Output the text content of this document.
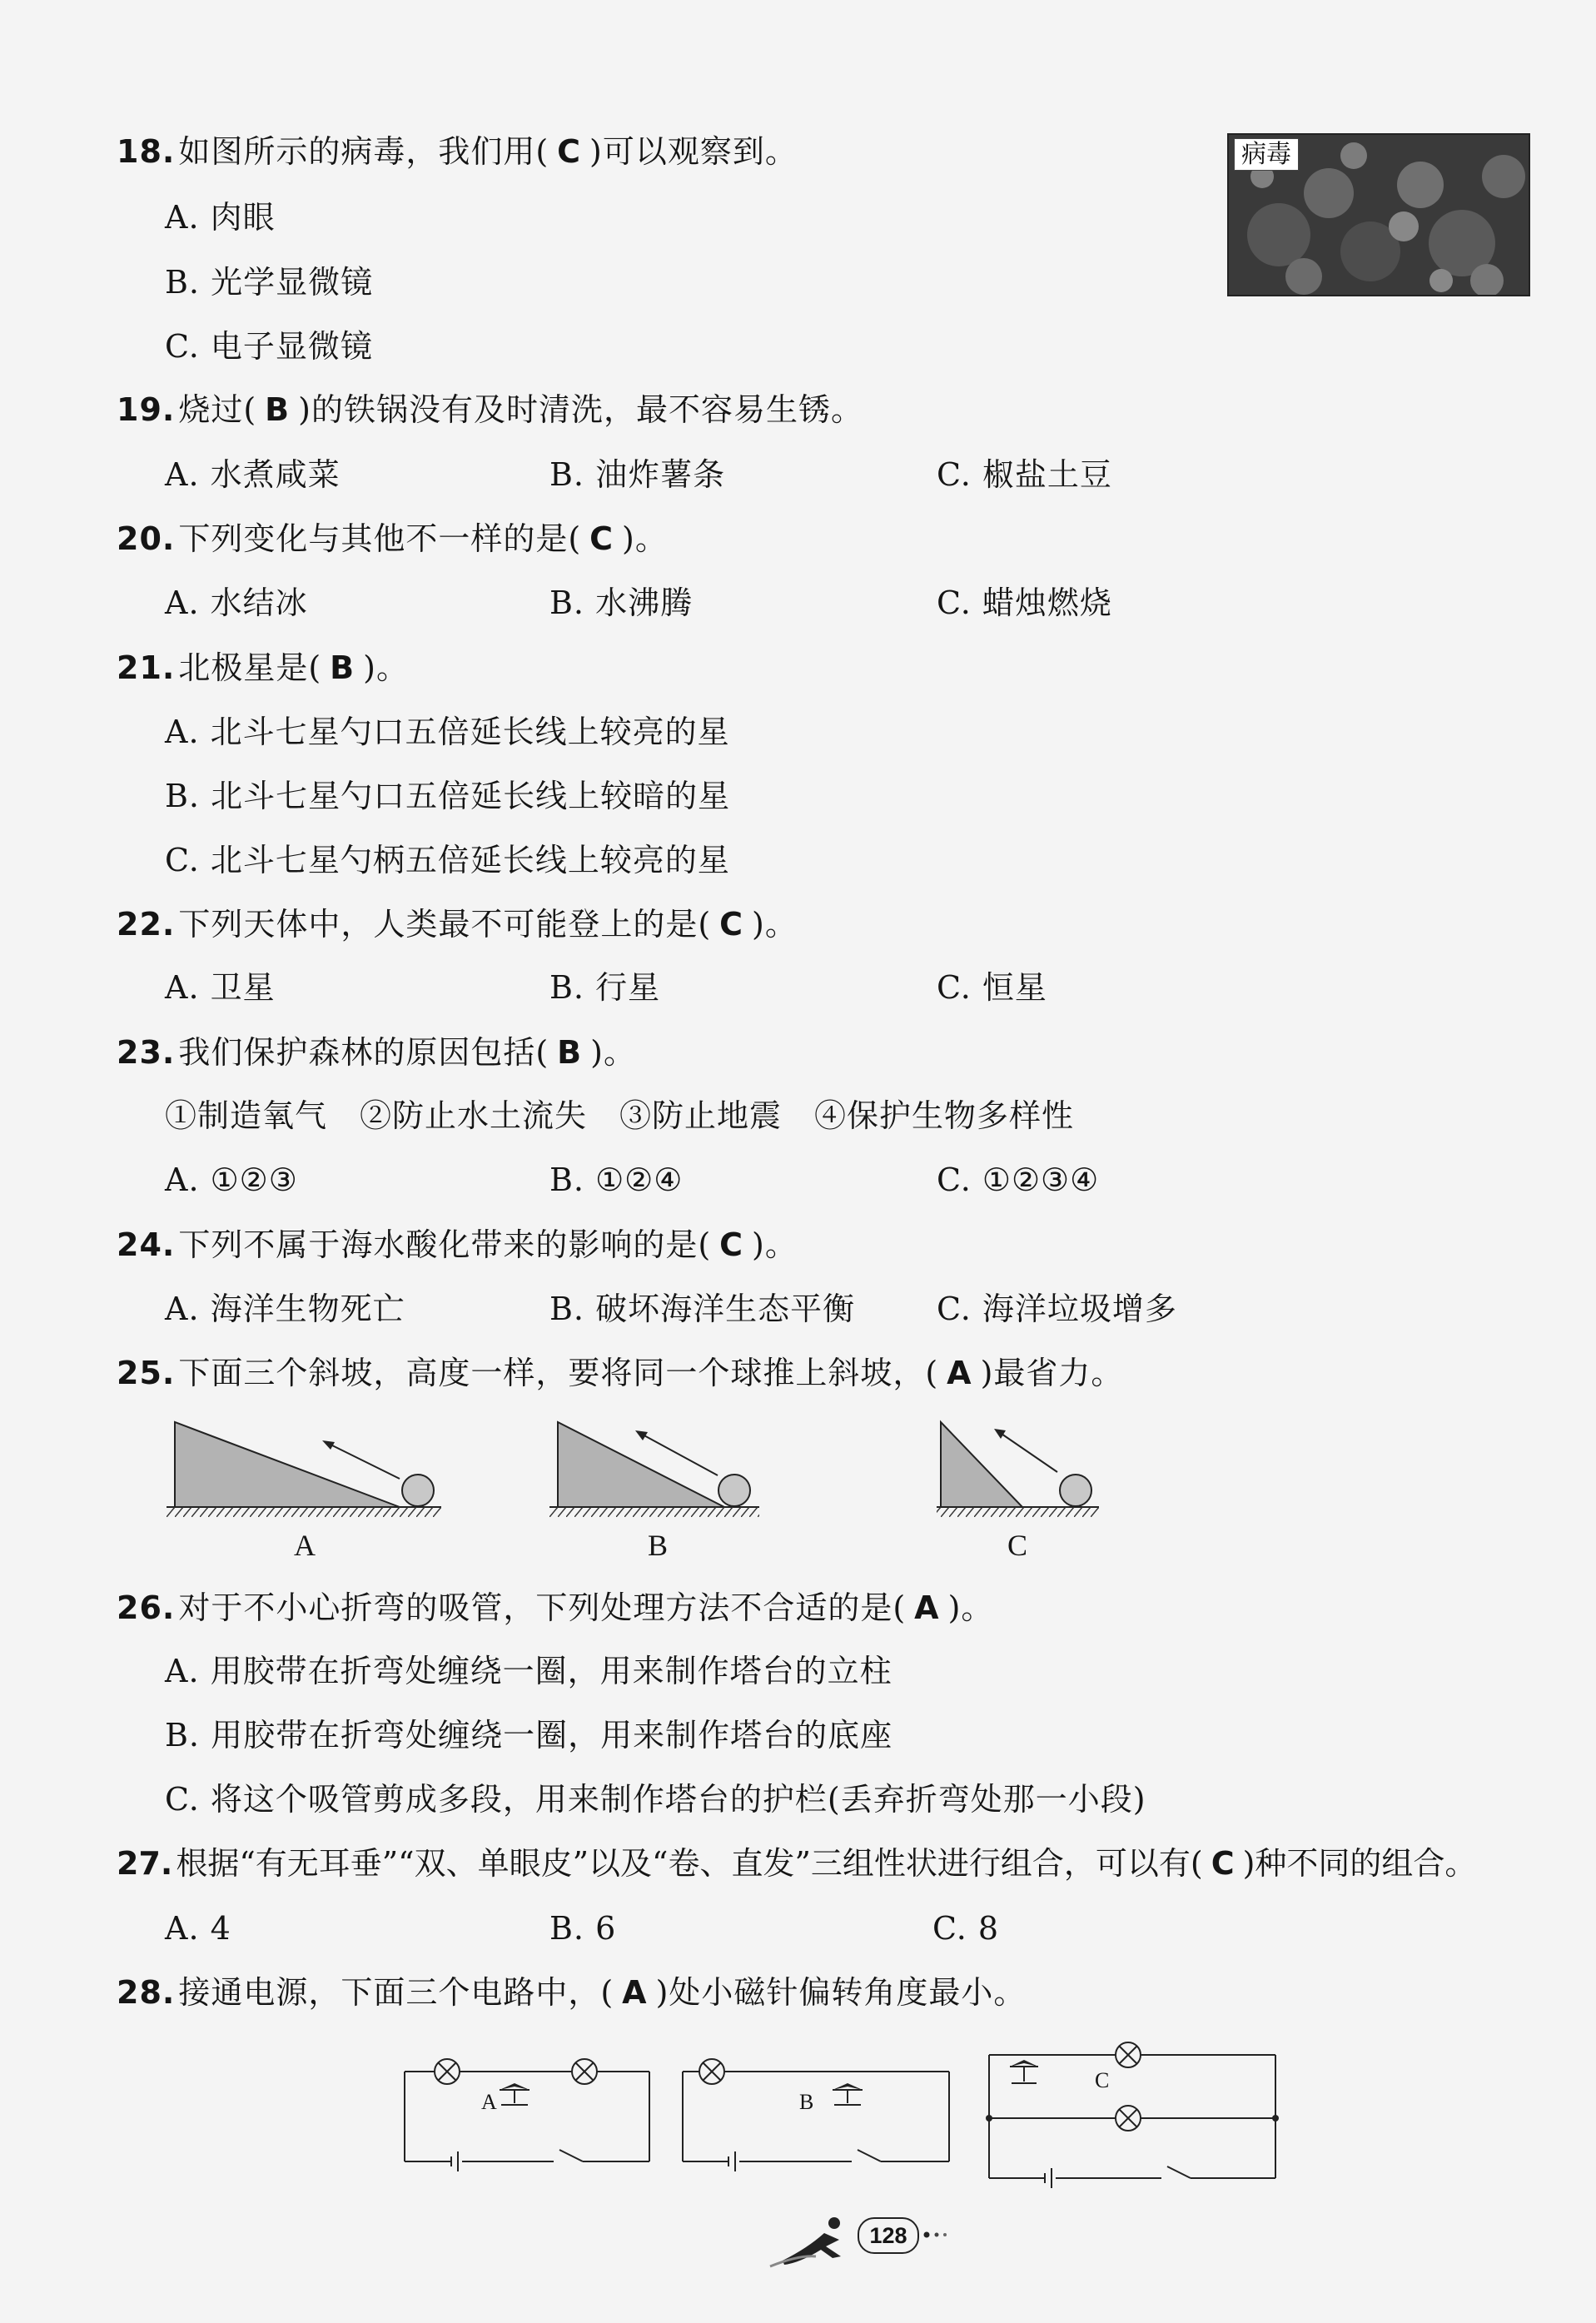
18. 如图所示的病毒，我们用( C )可以观察到。
A. 肉眼
B. 光学显微镜
C. 电子显微镜
病毒
19. 烧过( B )的铁锅没有及时清洗，最不容易生锈。
A. 水煮咸菜	B. 油炸薯条	C. 椒盐土豆
20. 下列变化与其他不一样的是( C )。
A. 水结冰	B. 水沸腾	C. 蜡烛燃烧
21. 北极星是( B )。
A. 北斗七星勺口五倍延长线上较亮的星
B. 北斗七星勺口五倍延长线上较暗的星
C. 北斗七星勺柄五倍延长线上较亮的星
22. 下列天体中，人类最不可能登上的是( C )。
A. 卫星	B. 行星	C. 恒星
23. 我们保护森林的原因包括( B )。
①制造氧气　②防止水土流失　③防止地震　④保护生物多样性
A. ①②③	B. ①②④	C. ①②③④
24. 下列不属于海水酸化带来的影响的是( C )。
A. 海洋生物死亡	B. 破坏海洋生态平衡	C. 海洋垃圾增多
25. 下面三个斜坡，高度一样，要将同一个球推上斜坡，( A )最省力。
A	B	C
26. 对于不小心折弯的吸管，下列处理方法不合适的是( A )。
A. 用胶带在折弯处缠绕一圈，用来制作塔台的立柱
B. 用胶带在折弯处缠绕一圈，用来制作塔台的底座
C. 将这个吸管剪成多段，用来制作塔台的护栏(丢弃折弯处那一小段)
27. 根据“有无耳垂”“双、单眼皮”以及“卷、直发”三组性状进行组合，可以有( C )种不同的组合。
A. 4	B. 6	C. 8
28. 接通电源，下面三个电路中，( A )处小磁针偏转角度最小。
A	B
C
128
